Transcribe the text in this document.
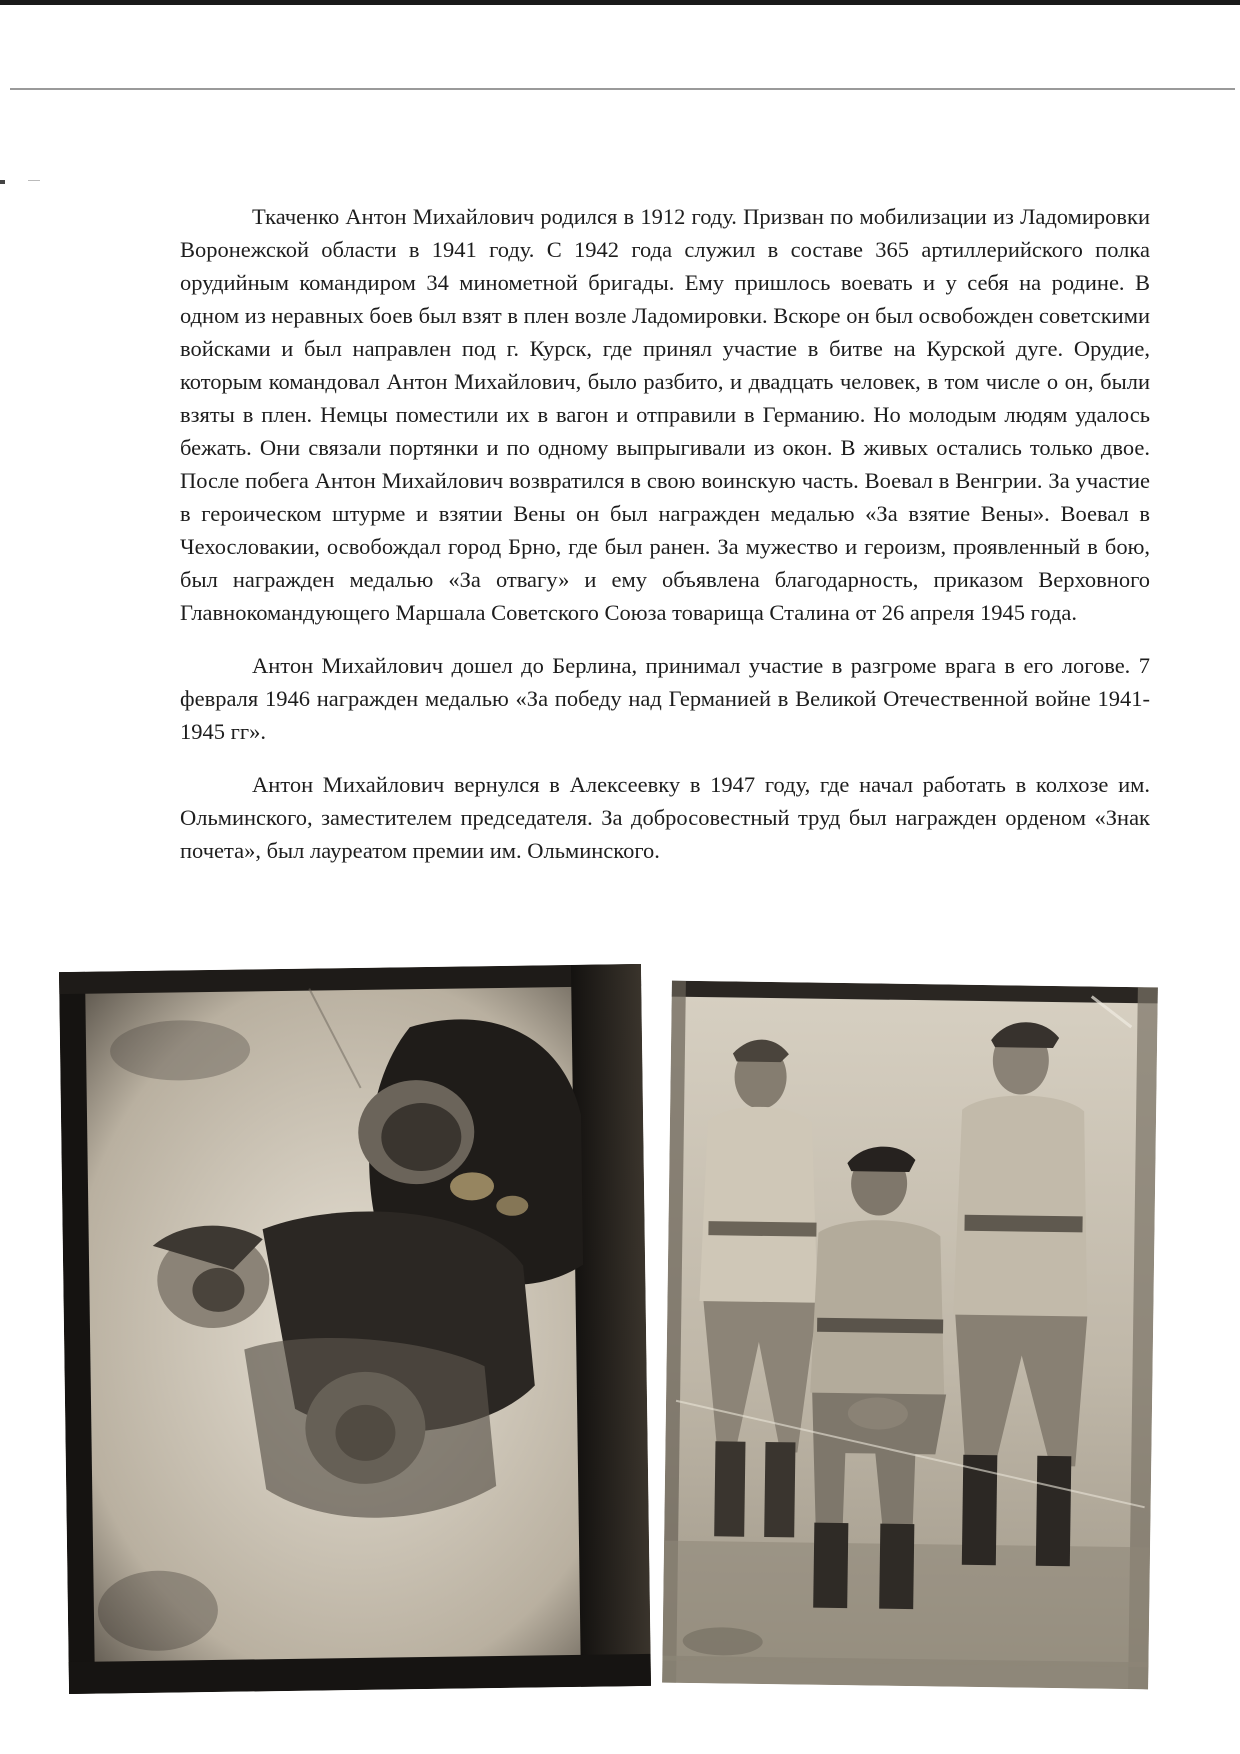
Ткаченко Антон Михайлович родился в 1912 году. Призван по мобилизации из Ладомировки Воронежской области в 1941 году. С 1942 года служил в составе 365 артиллерийского полка орудийным командиром 34 минометной бригады. Ему пришлось воевать и у себя на родине. В одном из неравных боев был взят в плен возле Ладомировки. Вскоре он был освобожден советскими войсками и был направлен под г. Курск, где принял участие в битве на Курской дуге. Орудие, которым командовал Антон Михайлович, было разбито, и двадцать человек, в том числе о он, были взяты в плен. Немцы поместили их в вагон и отправили в Германию. Но молодым людям удалось бежать. Они связали портянки и по одному выпрыгивали из окон. В живых остались только двое. После побега Антон Михайлович возвратился в свою воинскую часть. Воевал в Венгрии. За участие в героическом штурме и взятии Вены он был награжден медалью «За взятие Вены». Воевал в Чехословакии, освобождал город Брно, где был ранен. За мужество и героизм, проявленный в бою, был награжден медалью «За отвагу» и ему объявлена благодарность, приказом Верховного Главнокомандующего Маршала Советского Союза товарища Сталина от 26 апреля 1945 года.

Антон Михайлович дошел до Берлина, принимал участие в разгроме врага в его логове. 7 февраля 1946 награжден медалью «За победу над Германией в Великой Отечественной войне 1941-1945 гг».

Антон Михайлович вернулся в Алексеевку в 1947 году, где начал работать в колхозе им. Ольминского, заместителем председателя. За добросовестный труд был награжден орденом «Знак почета», был лауреатом премии им. Ольминского.
